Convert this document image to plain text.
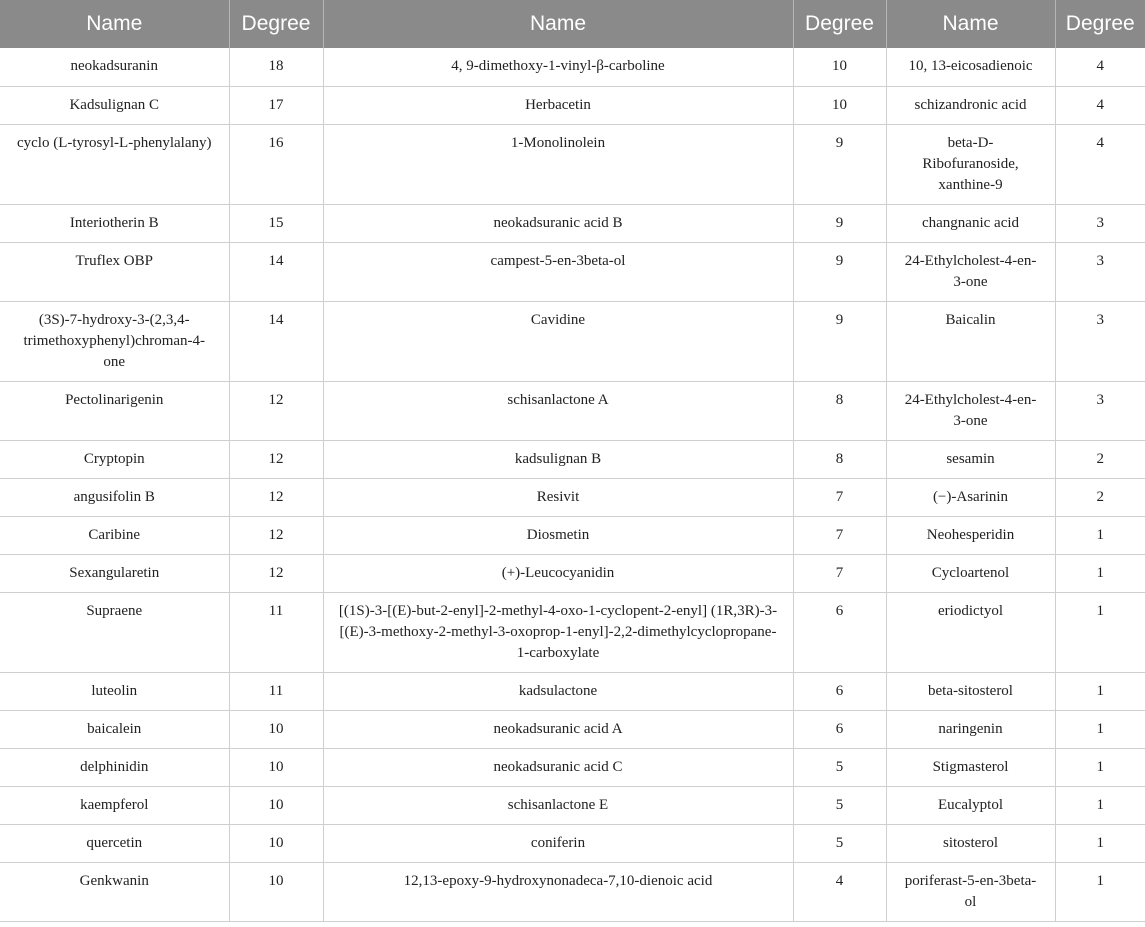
Name	Degree	Name	Degree	Name	Degree
neokadsuranin	18	4, 9-dimethoxy-1-vinyl-β-carboline	10	10, 13-eicosadienoic	4
Kadsulignan C	17	Herbacetin	10	schizandronic acid	4
cyclo (L-tyrosyl-L-phenylalany)	16	1-Monolinolein	9	beta-D-Ribofuranoside, xanthine-9	4
Interiotherin B	15	neokadsuranic acid B	9	changnanic acid	3
Truflex OBP	14	campest-5-en-3beta-ol	9	24-Ethylcholest-4-en-3-one	3
(3S)-7-hydroxy-3-(2,3,4-trimethoxyphenyl)chroman-4-one	14	Cavidine	9	Baicalin	3
Pectolinarigenin	12	schisanlactone A	8	24-Ethylcholest-4-en-3-one	3
Cryptopin	12	kadsulignan B	8	sesamin	2
angusifolin B	12	Resivit	7	(−)-Asarinin	2
Caribine	12	Diosmetin	7	Neohesperidin	1
Sexangularetin	12	(+)-Leucocyanidin	7	Cycloartenol	1
Supraene	11	[(1S)-3-[(E)-but-2-enyl]-2-methyl-4-oxo-1-cyclopent-2-enyl] (1R,3R)-3-[(E)-3-methoxy-2-methyl-3-oxoprop-1-enyl]-2,2-dimethylcyclopropane-1-carboxylate	6	eriodictyol	1
luteolin	11	kadsulactone	6	beta-sitosterol	1
baicalein	10	neokadsuranic acid A	6	naringenin	1
delphinidin	10	neokadsuranic acid C	5	Stigmasterol	1
kaempferol	10	schisanlactone E	5	Eucalyptol	1
quercetin	10	coniferin	5	sitosterol	1
Genkwanin	10	12,13-epoxy-9-hydroxynonadeca-7,10-dienoic acid	4	poriferast-5-en-3beta-ol	1
